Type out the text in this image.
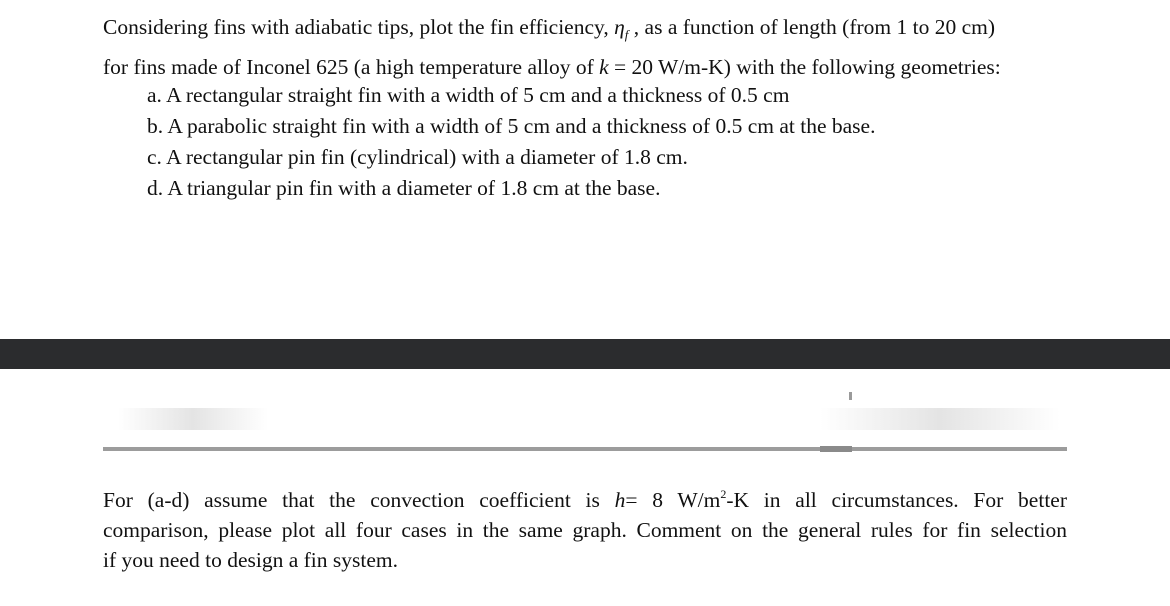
Considering fins with adiabatic tips, plot the fin efficiency, $\eta_f$ , as a function of length (from 1 to 20 cm)
for fins made of Inconel 625 (a high temperature alloy of k = 20 W/m-K) with the following geometries:
a. A rectangular straight fin with a width of 5 cm and a thickness of 0.5 cm
b. A parabolic straight fin with a width of 5 cm and a thickness of 0.5 cm at the base.
c. A rectangular pin fin (cylindrical) with a diameter of 1.8 cm.
d. A triangular pin fin with a diameter of 1.8 cm at the base.
For (a-d) assume that the convection coefficient is h= 8 $W/m^2-K$ in all circumstances. For better
comparison, please plot all four cases in the same graph. Comment on the general rules for fin selection
if you need to design a fin system.
